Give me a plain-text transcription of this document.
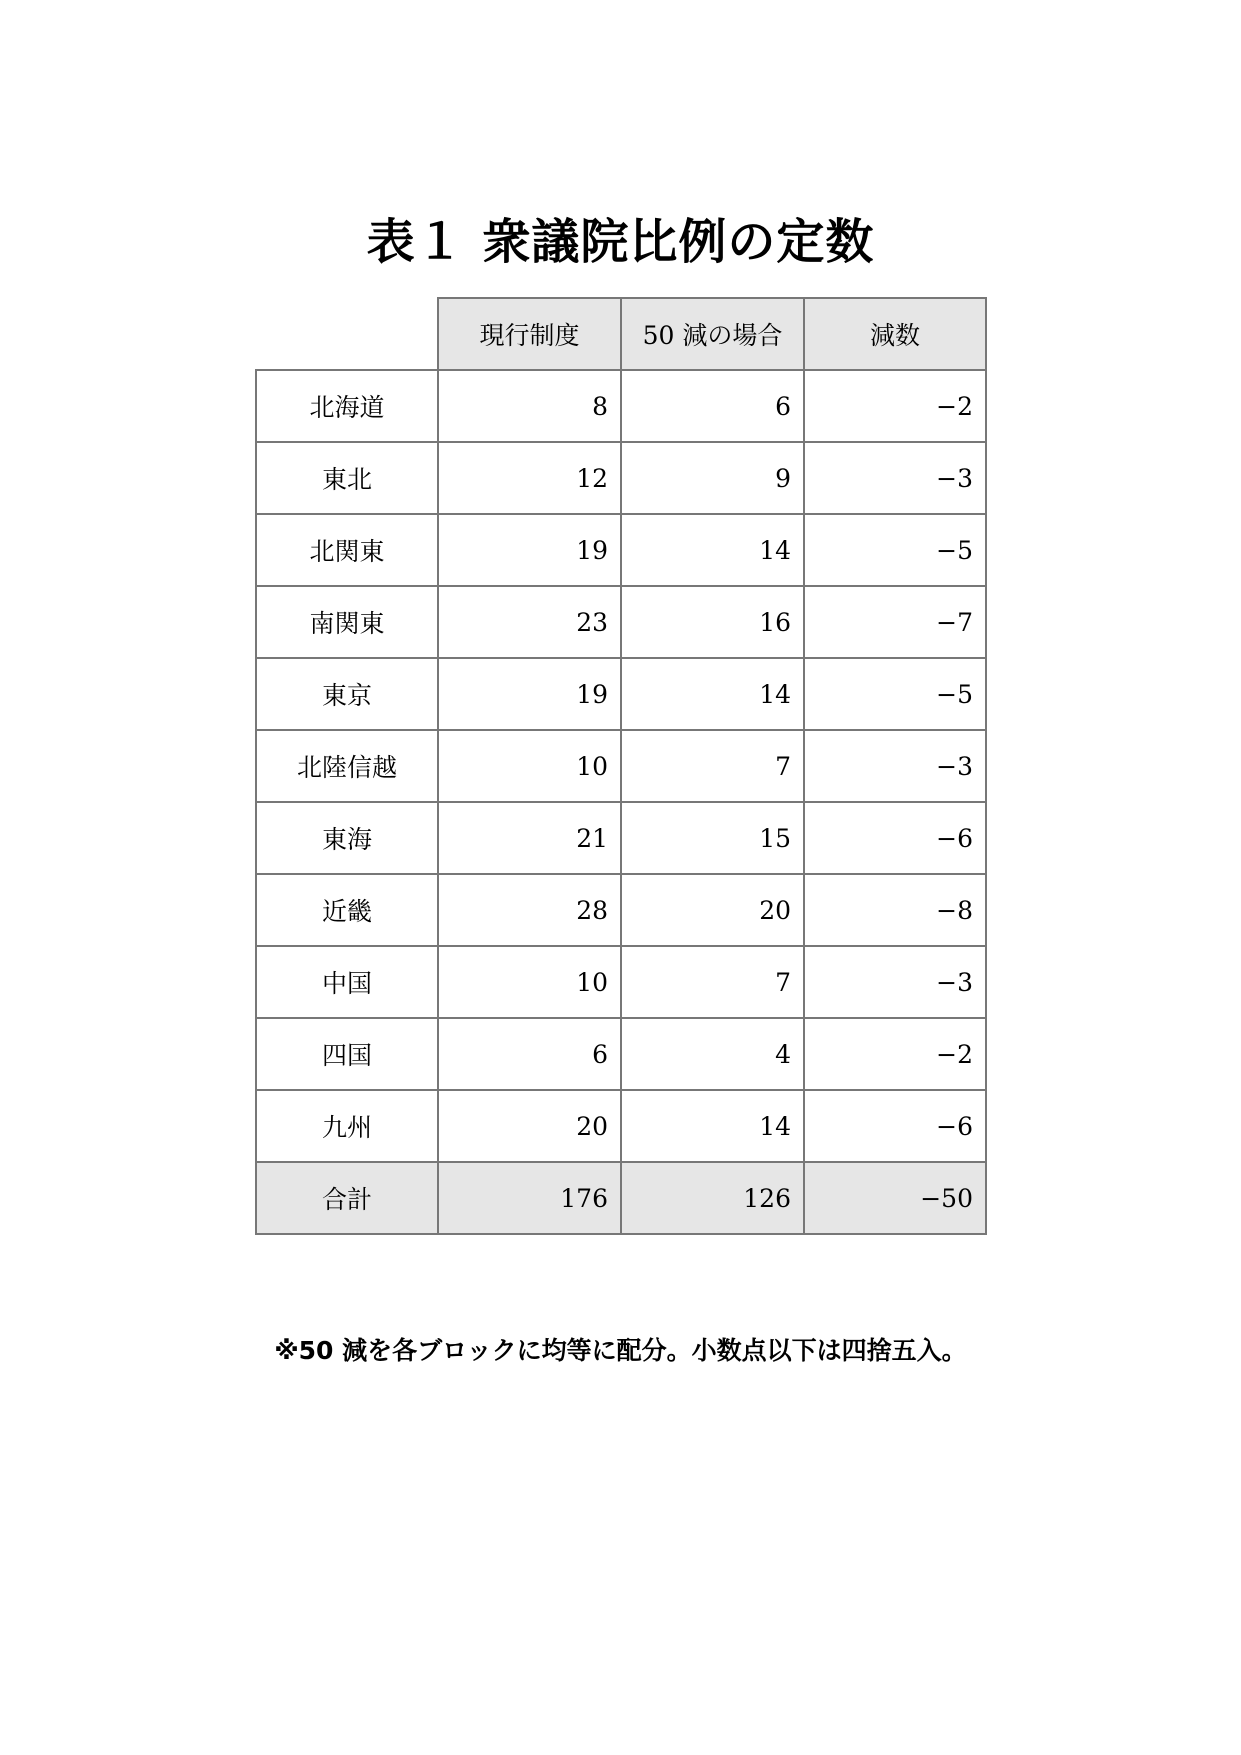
表１ 衆議院比例の定数
	現行制度	50 減の場合	減数
北海道	8	6	−2
東北	12	9	−3
北関東	19	14	−5
南関東	23	16	−7
東京	19	14	−5
北陸信越	10	7	−3
東海	21	15	−6
近畿	28	20	−8
中国	10	7	−3
四国	6	4	−2
九州	20	14	−6
合計	176	126	−50
※50 減を各ブロックに均等に配分。小数点以下は四捨五入。
